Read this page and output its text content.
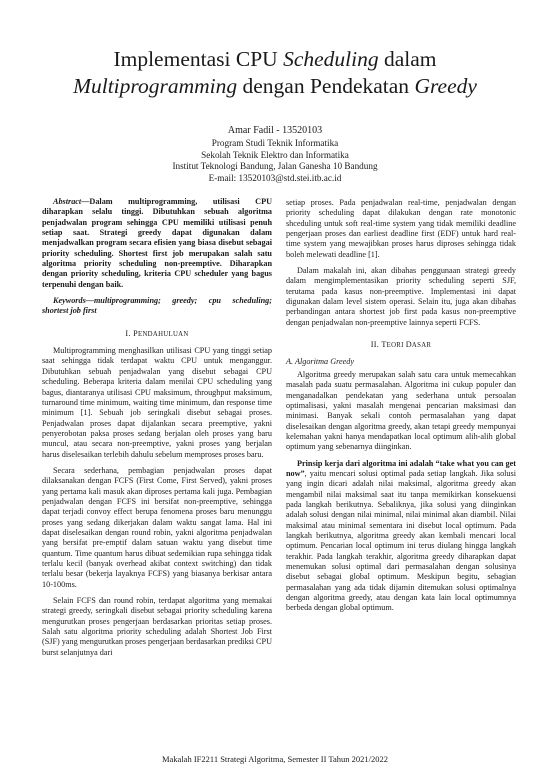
Implementasi CPU Scheduling dalam
Multiprogramming dengan Pendekatan Greedy
Amar Fadil - 13520103
Program Studi Teknik Informatika
Sekolah Teknik Elektro dan Informatika
Institut Teknologi Bandung, Jalan Ganesha 10 Bandung
E-mail: 13520103@std.stei.itb.ac.id

Abstract—Dalam multiprogramming, utilisasi CPU diharapkan selalu tinggi. Dibutuhkan sebuah algoritma penjadwalan program sehingga CPU memiliki utilisasi penuh setiap saat. Strategi greedy dapat digunakan dalam menjadwalkan program secara efisien yang biasa disebut sebagai priority scheduling. Shortest first job merupakan salah satu algoritma priority scheduling non-preemptive. Diharapkan dengan priority scheduling, kriteria CPU scheduler yang bagus terpenuhi dengan baik.

Keywords—multiprogramming; greedy; cpu scheduling; shortest job first

I. PENDAHULUAN

Multiprogramming menghasilkan utilisasi CPU yang tinggi setiap saat sehingga tidak terdapat waktu CPU untuk menganggur. Dibutuhkan sebuah penjadwalan yang disebut sebagai CPU scheduling. Beberapa kriteria dalam menilai CPU scheduling yang bagus, diantaranya utilisasi CPU maksimum, throughput maksimum, turnaround time minimum, waiting time minimum, dan response time minimum [1]. Sebuah job seringkali disebut sebagai proses. Penjadwalan proses dapat dijalankan secara preemptive, yakni penyerobotan paksa proses sedang berjalan oleh proses yang baru muncul, atau secara non-preemptive, yakni proses yang berjalan harus diselesaikan terlebih dahulu sebelum memproses proses baru.

Secara sederhana, pembagian penjadwalan proses dapat dilaksanakan dengan FCFS (First Come, First Served), yakni proses yang pertama kali masuk akan diproses pertama kali juga. Pembagian penjadwalan dengan FCFS ini bersifat non-preemptive, sehingga dapat terjadi convoy effect berupa fenomena proses baru menunggu proses yang sedang dikerjakan dalam waktu sangat lama. Hal ini dapat diselesaikan dengan round robin, yakni algoritma penjadwalan yang bersifat pre-emptif dalam satuan waktu yang disebut time quantum. Time quantum harus dibuat sedemikian rupa sehingga tidak terlalu kecil (banyak overhead akibat context switching) dan tidak terlalu besar (bekerja layaknya FCFS) yang biasanya berkisar antara 10-100ms.

Selain FCFS dan round robin, terdapat algoritma yang memakai strategi greedy, seringkali disebut sebagai priority scheduling karena mengurutkan proses pengerjaan berdasarkan prioritas setiap proses. Salah satu algoritma priority scheduling adalah Shortest Job First (SJF) yang mengurutkan proses pengerjaan berdasarkan prediksi CPU burst selanjutnya dari

setiap proses. Pada penjadwalan real-time, penjadwalan dengan priority scheduling dapat dilakukan dengan rate monotonic shceduling untuk soft real-time system yang tidak memiliki deadline pengerjaan proses dan earliest deadline first (EDF) untuk hard real-time system yang mewajibkan proses harus diproses sehingga tidak boleh melewati deadline [1].

Dalam makalah ini, akan dibahas penggunaan strategi greedy dalam mengimplementasikan priority scheduling seperti SJF, terutama pada kasus non-preemptive. Implementasi ini dapat digunakan dalam level sistem operasi. Selain itu, juga akan dibahas perbandingan antara shortest job first pada kasus non-preemptive dengan penjadwalan non-preemptive lainnya seperti FCFS.

II. TEORI DASAR
A. Algoritma Greedy

Algoritma greedy merupakan salah satu cara untuk memecahkan masalah pada suatu permasalahan. Algoritma ini cukup populer dan menganadalkan pendekatan yang sederhana untuk persoalan optimalisasi, yakni masalah mengenai pencarian maksimasi dan minimasi. Banyak sekali contoh permasalahan yang dapat diselesaikan dengan algoritma greedy, akan tetapi greedy mempunyai kelemahan yakni hanya mendapatkan local optimum alih-alih global optimum yang sebenarnya diinginkan.

Prinsip kerja dari algoritma ini adalah “take what you can get now”, yaitu mencari solusi optimal pada setiap langkah. Jika solusi yang ingin dicari adalah nilai maksimal, algoritma greedy akan mengambil nilai maksimal saat itu tanpa memikirkan konsekuensi pada langkah berikutnya. Sebaliknya, jika solusi yang diinginkan adalah solusi dengan nilai minimal, nilai minimal akan diambil. Nilai maksimal atau minimal sementara ini disebut local optimum. Pada langkah berikutnya, algoritma greedy akan kembali mencari local optimum. Pencarian local optimum ini terus diulang hingga langkah terakhir. Pada langkah terakhir, algoritma greedy diharapkan dapat menemukan solusi optimal dari permasalahan dengan solusinya disebut sebagai global optimum. Meskipun begitu, sebagian permasalahan yang ada tidak dijamin ditemukan solusi optimalnya dengan algoritma greedy, atau dengan kata lain local optimumnya berbeda dengan global optimum.

Makalah IF2211 Strategi Algoritma, Semester II Tahun 2021/2022
